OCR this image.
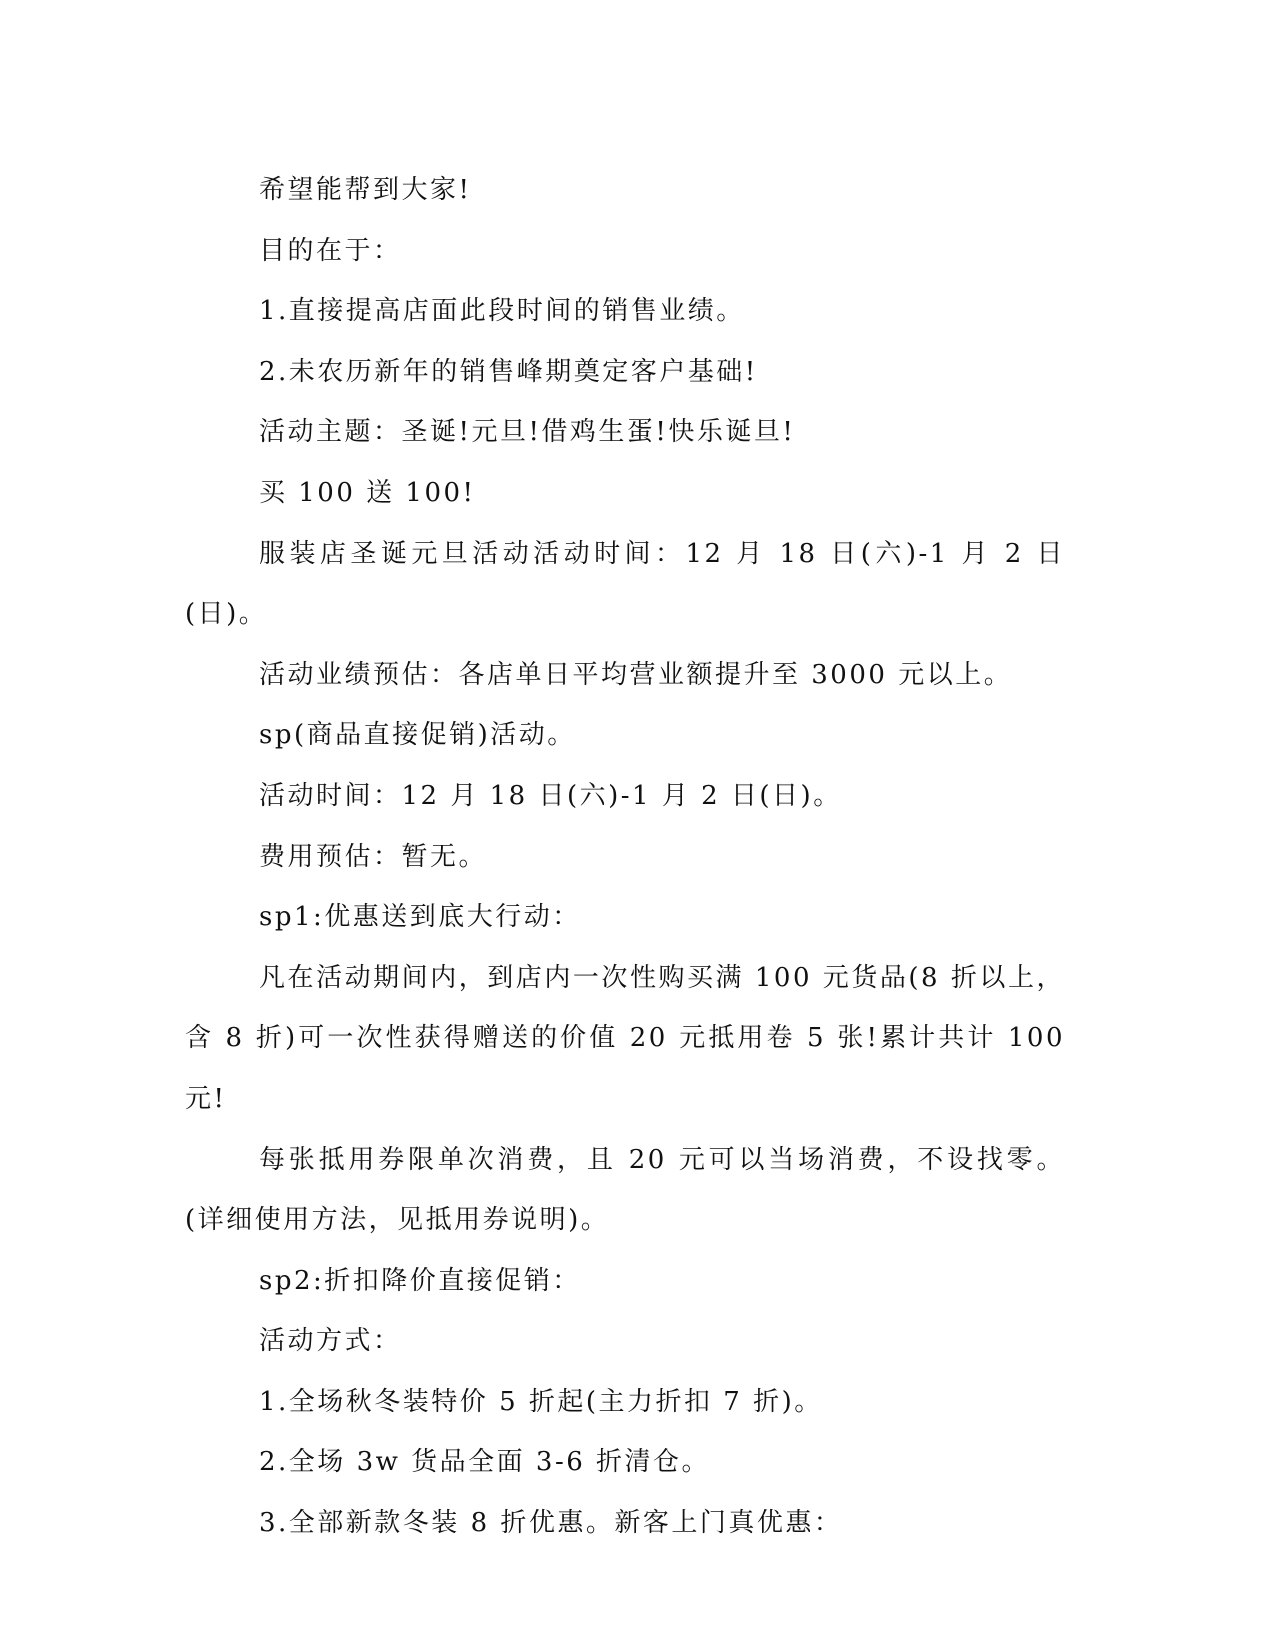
希望能帮到大家!

目的在于：

1.直接提高店面此段时间的销售业绩。

2.未农历新年的销售峰期奠定客户基础!

活动主题：圣诞!元旦!借鸡生蛋!快乐诞旦!

买 100 送 100!

服装店圣诞元旦活动活动时间：12 月 18 日(六)-1 月 2 日(日)。

活动业绩预估：各店单日平均营业额提升至 3000 元以上。

sp(商品直接促销)活动。

活动时间：12 月 18 日(六)-1 月 2 日(日)。

费用预估：暂无。

sp1:优惠送到底大行动：

凡在活动期间内，到店内一次性购买满 100 元货品(8 折以上，含 8 折)可一次性获得赠送的价值 20 元抵用卷 5 张!累计共计 100 元!

每张抵用券限单次消费，且 20 元可以当场消费，不设找零。(详细使用方法，见抵用券说明)。

sp2:折扣降价直接促销：

活动方式：

1.全场秋冬装特价 5 折起(主力折扣 7 折)。

2.全场 3w 货品全面 3-6 折清仓。

3.全部新款冬装 8 折优惠。新客上门真优惠：
